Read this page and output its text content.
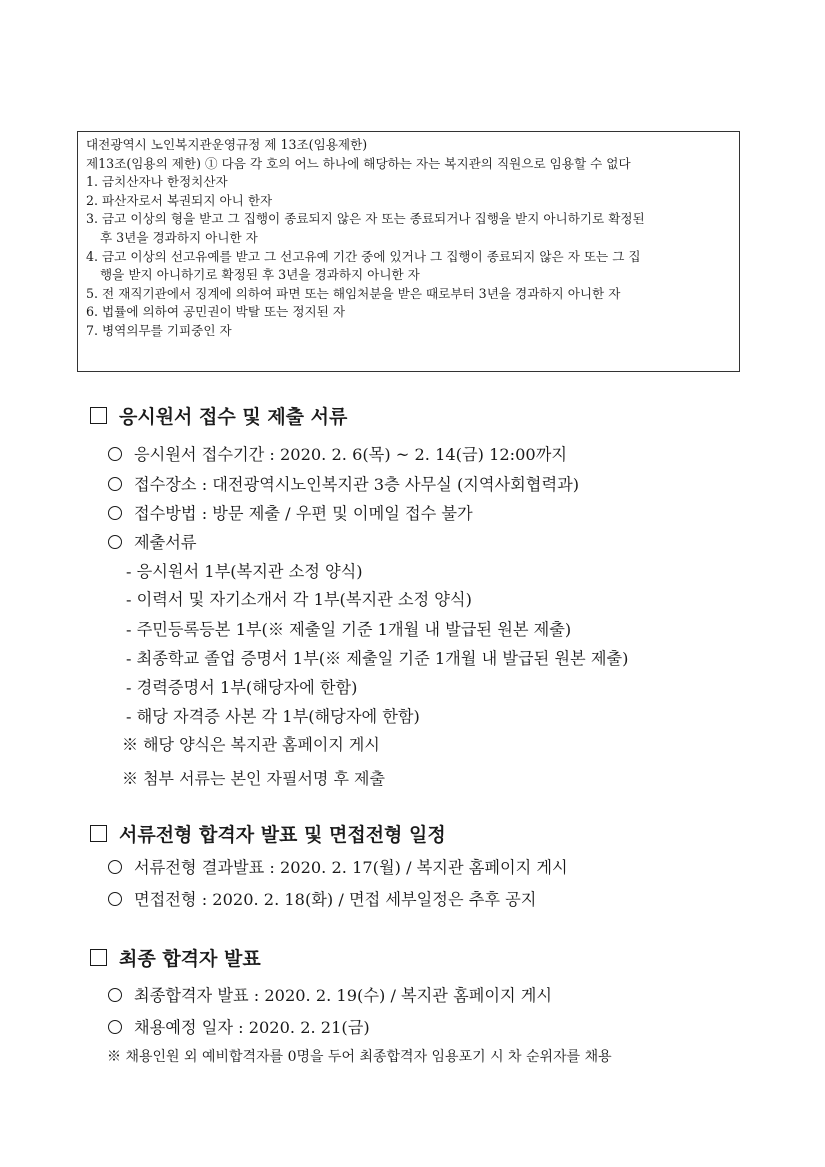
대전광역시 노인복지관운영규정 제 13조(임용제한)
제13조(임용의 제한) ① 다음 각 호의 어느 하나에 해당하는 자는 복지관의 직원으로 임용할 수 없다
1. 금치산자나 한정치산자
2. 파산자로서 복권되지 아니 한자
3. 금고 이상의 형을 받고 그 집행이 종료되지 않은 자 또는 종료되거나 집행을 받지 아니하기로 확정된
후 3년을 경과하지 아니한 자
4. 금고 이상의 선고유예를 받고 그 선고유예 기간 중에 있거나 그 집행이 종료되지 않은 자 또는 그 집
행을 받지 아니하기로 확정된 후 3년을 경과하지 아니한 자
5. 전 재직기관에서 징계에 의하여 파면 또는 해임처분을 받은 때로부터 3년을 경과하지 아니한 자
6. 법률에 의하여 공민권이 박탈 또는 정지된 자
7. 병역의무를 기피중인 자
응시원서 접수 및 제출 서류
응시원서 접수기간 : 2020. 2. 6(목) ~ 2. 14(금) 12:00까지
접수장소 : 대전광역시노인복지관 3층 사무실 (지역사회협력과)
접수방법 : 방문 제출 / 우편 및 이메일 접수 불가
제출서류
- 응시원서 1부(복지관 소정 양식)
- 이력서 및 자기소개서 각 1부(복지관 소정 양식)
- 주민등록등본 1부(※ 제출일 기준 1개월 내 발급된 원본 제출)
- 최종학교 졸업 증명서 1부(※ 제출일 기준 1개월 내 발급된 원본 제출)
- 경력증명서 1부(해당자에 한함)
- 해당 자격증 사본 각 1부(해당자에 한함)
※ 해당 양식은 복지관 홈페이지 게시
※ 첨부 서류는 본인 자필서명 후 제출
서류전형 합격자 발표 및 면접전형 일정
서류전형 결과발표 : 2020. 2. 17(월) / 복지관 홈페이지 게시
면접전형 : 2020. 2. 18(화) / 면접 세부일정은 추후 공지
최종 합격자 발표
최종합격자 발표 : 2020. 2. 19(수) / 복지관 홈페이지 게시
채용예정 일자 : 2020. 2. 21(금)
※ 채용인원 외 예비합격자를 0명을 두어 최종합격자 임용포기 시 차 순위자를 채용
